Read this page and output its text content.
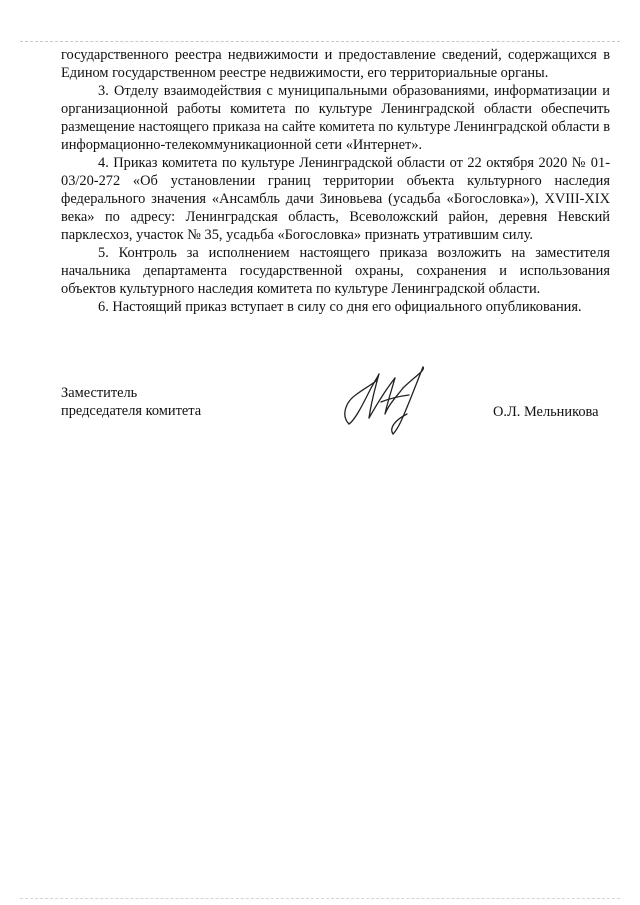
государственного реестра недвижимости и предоставление сведений, содержащихся в Едином государственном реестре недвижимости, его территориальные органы.

3. Отделу взаимодействия с муниципальными образованиями, информатизации и организационной работы комитета по культуре Ленинградской области обеспечить размещение настоящего приказа на сайте комитета по культуре Ленинградской области в информационно-телекоммуникационной сети «Интернет».

4. Приказ комитета по культуре Ленинградской области от 22 октября 2020 № 01-03/20-272 «Об установлении границ территории объекта культурного наследия федерального значения «Ансамбль дачи Зиновьева (усадьба «Богословка»), XVIII-XIX века» по адресу: Ленинградская область, Всеволожский район, деревня Невский парклесхоз, участок № 35, усадьба «Богословка» признать утратившим силу.

5. Контроль за исполнением настоящего приказа возложить на заместителя начальника департамента государственной охраны, сохранения и использования объектов культурного наследия комитета по культуре Ленинградской области.

6. Настоящий приказ вступает в силу со дня его официального опубликования.

Заместитель
председателя комитета	О.Л. Мельникова
